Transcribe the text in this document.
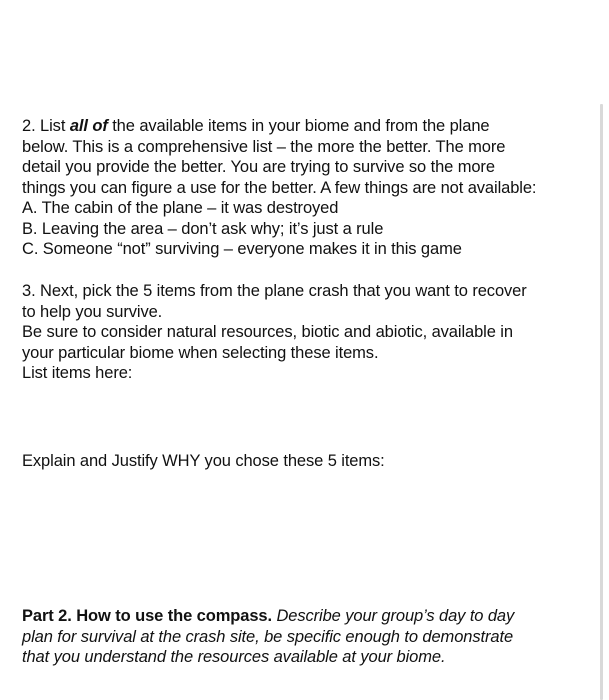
2. List all of the available items in your biome and from the plane
below. This is a comprehensive list – the more the better. The more
detail you provide the better. You are trying to survive so the more
things you can figure a use for the better. A few things are not available:
A. The cabin of the plane – it was destroyed
B. Leaving the area – don’t ask why; it’s just a rule
C. Someone “not” surviving – everyone makes it in this game
3. Next, pick the 5 items from the plane crash that you want to recover
to help you survive.
Be sure to consider natural resources, biotic and abiotic, available in
your particular biome when selecting these items.
List items here:
Explain and Justify WHY you chose these 5 items:
Part 2. How to use the compass. Describe your group’s day to day
plan for survival at the crash site, be specific enough to demonstrate
that you understand the resources available at your biome.
